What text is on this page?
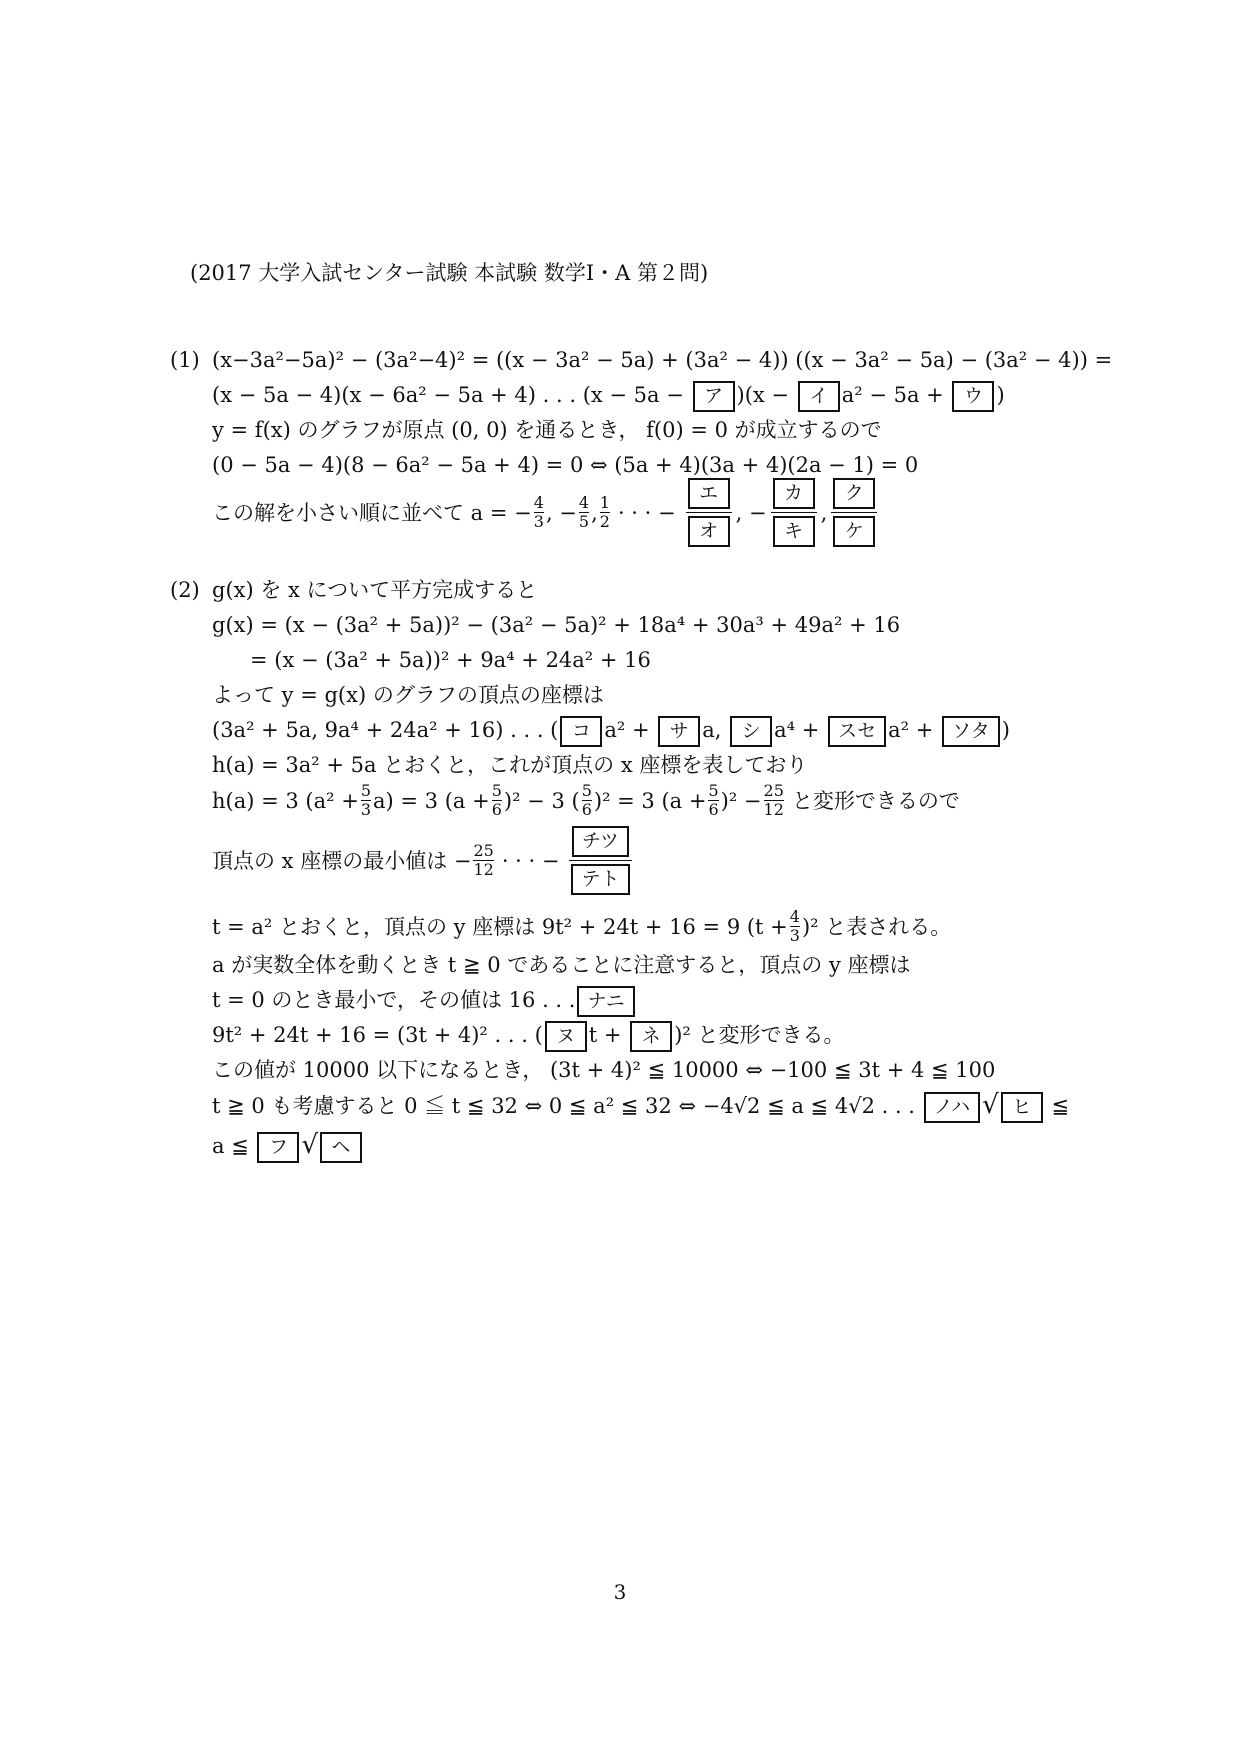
(2017 大学入試センター試験 本試験 数学Ⅰ・A 第２問)
(1) (x−3a²−5a)² − (3a²−4)² = ((x − 3a² − 5a) + (3a² − 4)) ((x − 3a² − 5a) − (3a² − 4)) =
(x − 5a − 4)(x − 6a² − 5a + 4) . . . (x − 5a − ア )(x − イ a² − 5a + ウ )
y = f(x) のグラフが原点 (0, 0) を通るとき， f(0) = 0 が成立するので
(0 − 5a − 4)(8 − 6a² − 5a + 4) = 0 ⇔ (5a + 4)(3a + 4)(2a − 1) = 0
この解を小さい順に並べて a = − 4
3 , − 4
5 , 1
2 · · · −
エ
オ
, −
カ
キ
,
ク
ケ
(2) g(x) を x について平方完成すると
g(x) = (x − (3a² + 5a))² − (3a² − 5a)² + 18a⁴ + 30a³ + 49a² + 16
= (x − (3a² + 5a))² + 9a⁴ + 24a² + 16
よって y = g(x) のグラフの頂点の座標は
(3a² + 5a, 9a⁴ + 24a² + 16) . . . ( コ a² + サ a, シ a⁴ + スセ a² + ソタ )
h(a) = 3a² + 5a とおくと，これが頂点の x 座標を表しており
h(a) = 3 (a² + 5
3 a) = 3 (a + 5
6 )² − 3 ( 5
6 )² = 3 (a + 5
6 )² − 25
12 と変形できるので
頂点の x 座標の最小値は − 25
12 · · · −
チツ
テト
t = a² とおくと，頂点の y 座標は 9t² + 24t + 16 = 9 (t + 4
3 )² と表される。
a が実数全体を動くとき t ≧ 0 であることに注意すると，頂点の y 座標は
t = 0 のとき最小で，その値は 16 . . . ナニ
9t² + 24t + 16 = (3t + 4)² . . . ( ヌ t + ネ )² と変形できる。
この値が 10000 以下になるとき， (3t + 4)² ≦ 10000 ⇔ −100 ≦ 3t + 4 ≦ 100
t ≧ 0 も考慮すると 0 ≦ t ≦ 32 ⇔ 0 ≦ a² ≦ 32 ⇔ −4√2 ≦ a ≦ 4√2 . . . ノハ √ ヒ ≦
a ≦ フ √ ヘ
3
